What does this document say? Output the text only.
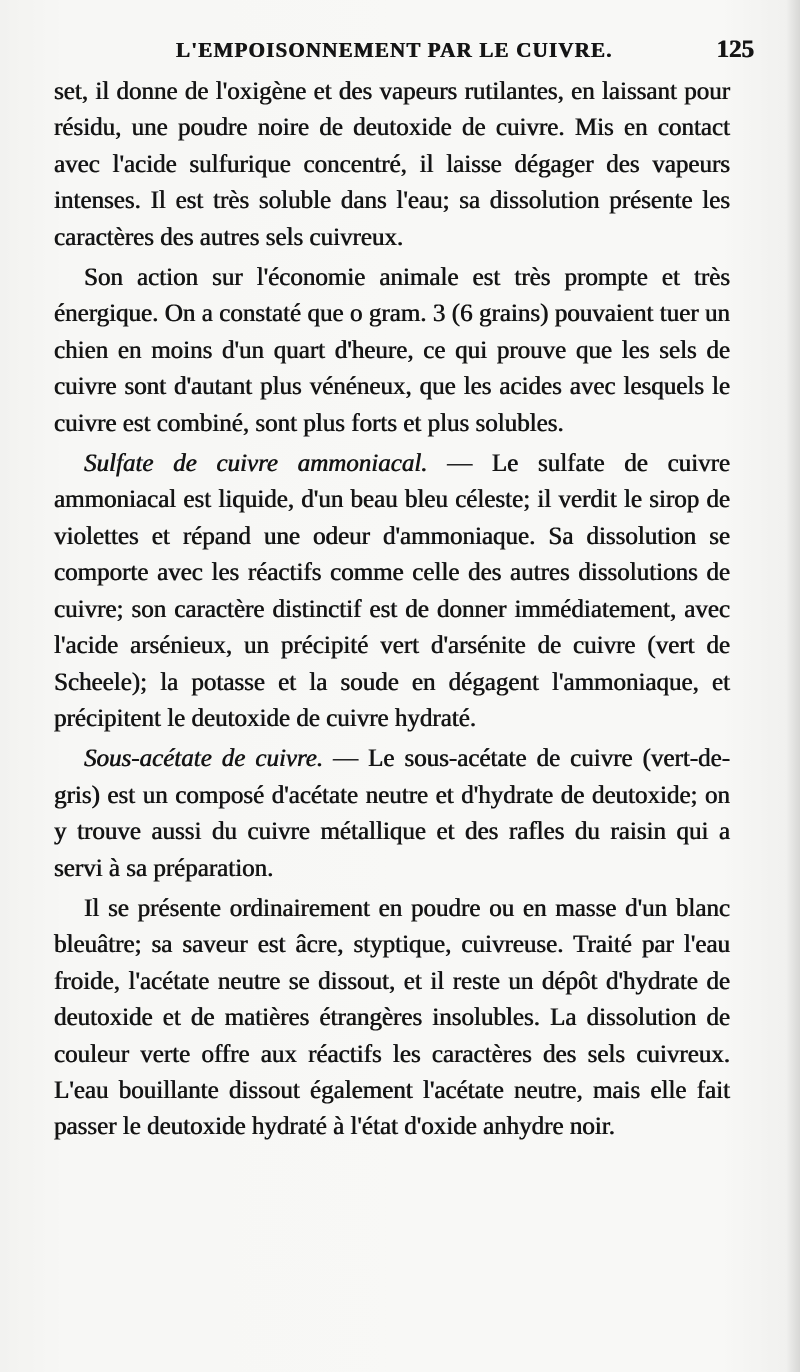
L'EMPOISONNEMENT PAR LE CUIVRE.	125

set, il donne de l'oxigène et des vapeurs rutilantes, en laissant pour résidu, une poudre noire de deutoxide de cuivre. Mis en contact avec l'acide sulfurique concentré, il laisse dégager des vapeurs intenses. Il est très soluble dans l'eau; sa dissolution présente les caractères des autres sels cuivreux.

Son action sur l'économie animale est très prompte et très énergique. On a constaté que o gram. 3 (6 grains) pouvaient tuer un chien en moins d'un quart d'heure, ce qui prouve que les sels de cuivre sont d'autant plus vénéneux, que les acides avec lesquels le cuivre est combiné, sont plus forts et plus solubles.

Sulfate de cuivre ammoniacal. — Le sulfate de cuivre ammoniacal est liquide, d'un beau bleu céleste; il verdit le sirop de violettes et répand une odeur d'ammoniaque. Sa dissolution se comporte avec les réactifs comme celle des autres dissolutions de cuivre; son caractère distinctif est de donner immédiatement, avec l'acide arsénieux, un précipité vert d'arsénite de cuivre (vert de Scheele); la potasse et la soude en dégagent l'ammoniaque, et précipitent le deutoxide de cuivre hydraté.

Sous-acétate de cuivre. — Le sous-acétate de cuivre (vert-de-gris) est un composé d'acétate neutre et d'hydrate de deutoxide; on y trouve aussi du cuivre métallique et des rafles du raisin qui a servi à sa préparation.

Il se présente ordinairement en poudre ou en masse d'un blanc bleuâtre; sa saveur est âcre, styptique, cuivreuse. Traité par l'eau froide, l'acétate neutre se dissout, et il reste un dépôt d'hydrate de deutoxide et de matières étrangères insolubles. La dissolution de couleur verte offre aux réactifs les caractères des sels cuivreux. L'eau bouillante dissout également l'acétate neutre, mais elle fait passer le deutoxide hydraté à l'état d'oxide anhydre noir.
